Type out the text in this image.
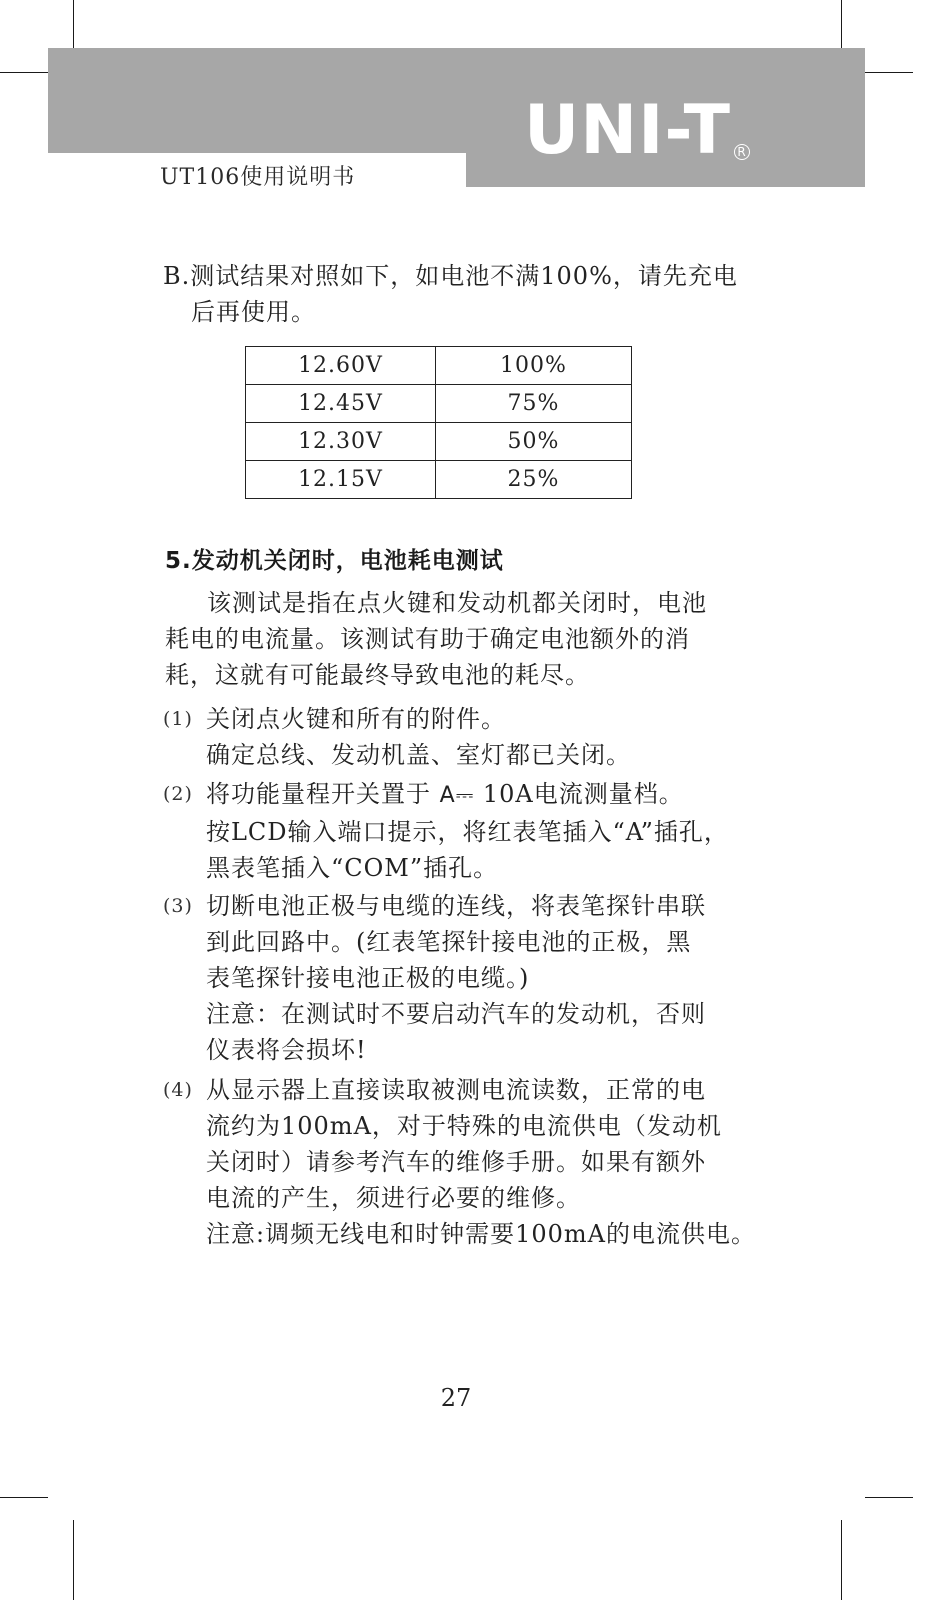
UNI-T R
UT106使用说明书
B.测试结果对照如下，如电池不满100%，请先充电
后再使用。
12.60V	100%
12.45V	75%
12.30V	50%
12.15V	25%
5.发动机关闭时，电池耗电测试

该测试是指在点火键和发动机都关闭时，电池
耗电的电流量。该测试有助于确定电池额外的消
耗，这就有可能最终导致电池的耗尽。

(1) 关闭点火键和所有的附件。
确定总线、发动机盖、室灯都已关闭。
(2) 将功能量程开关置于 A⎓ 10A电流测量档。
按LCD输入端口提示，将红表笔插入“A”插孔，
黑表笔插入“COM”插孔。
(3) 切断电池正极与电缆的连线，将表笔探针串联
到此回路中。(红表笔探针接电池的正极，黑
表笔探针接电池正极的电缆。)
注意：在测试时不要启动汽车的发动机，否则
仪表将会损坏!
(4) 从显示器上直接读取被测电流读数，正常的电
流约为100mA，对于特殊的电流供电（发动机
关闭时）请参考汽车的维修手册。如果有额外
电流的产生，须进行必要的维修。
注意:调频无线电和时钟需要100mA的电流供电。
27
